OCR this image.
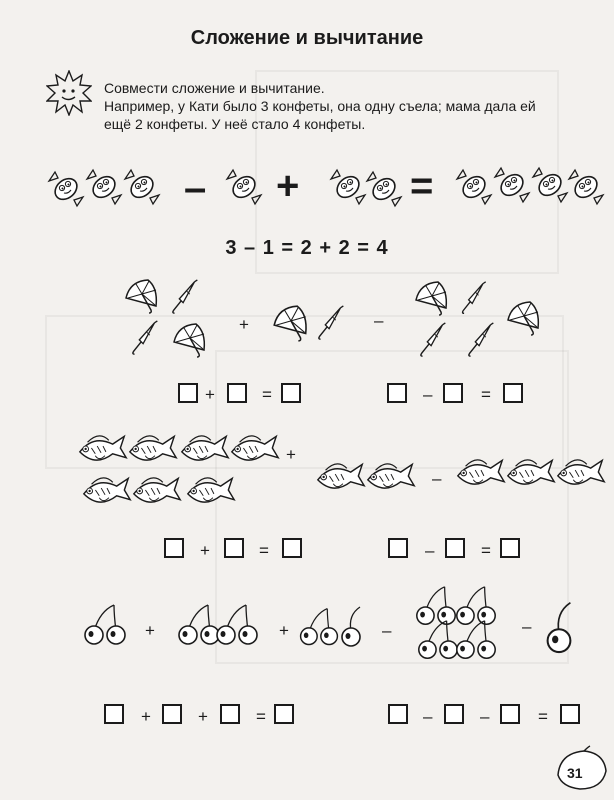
Сложение и вычитание

Совмести сложение и вычитание.

Например, у Кати было 3 конфеты, она одну съела; мама дала ей

ещё 2 конфеты. У неё стало 4 конфеты.

– +	=
3 – 1 = 2 + 2 = 4
+	–
+	=	–	=
+
–
+	=	–	=
+	+	–	–
+	+	=	–	–	=
31
